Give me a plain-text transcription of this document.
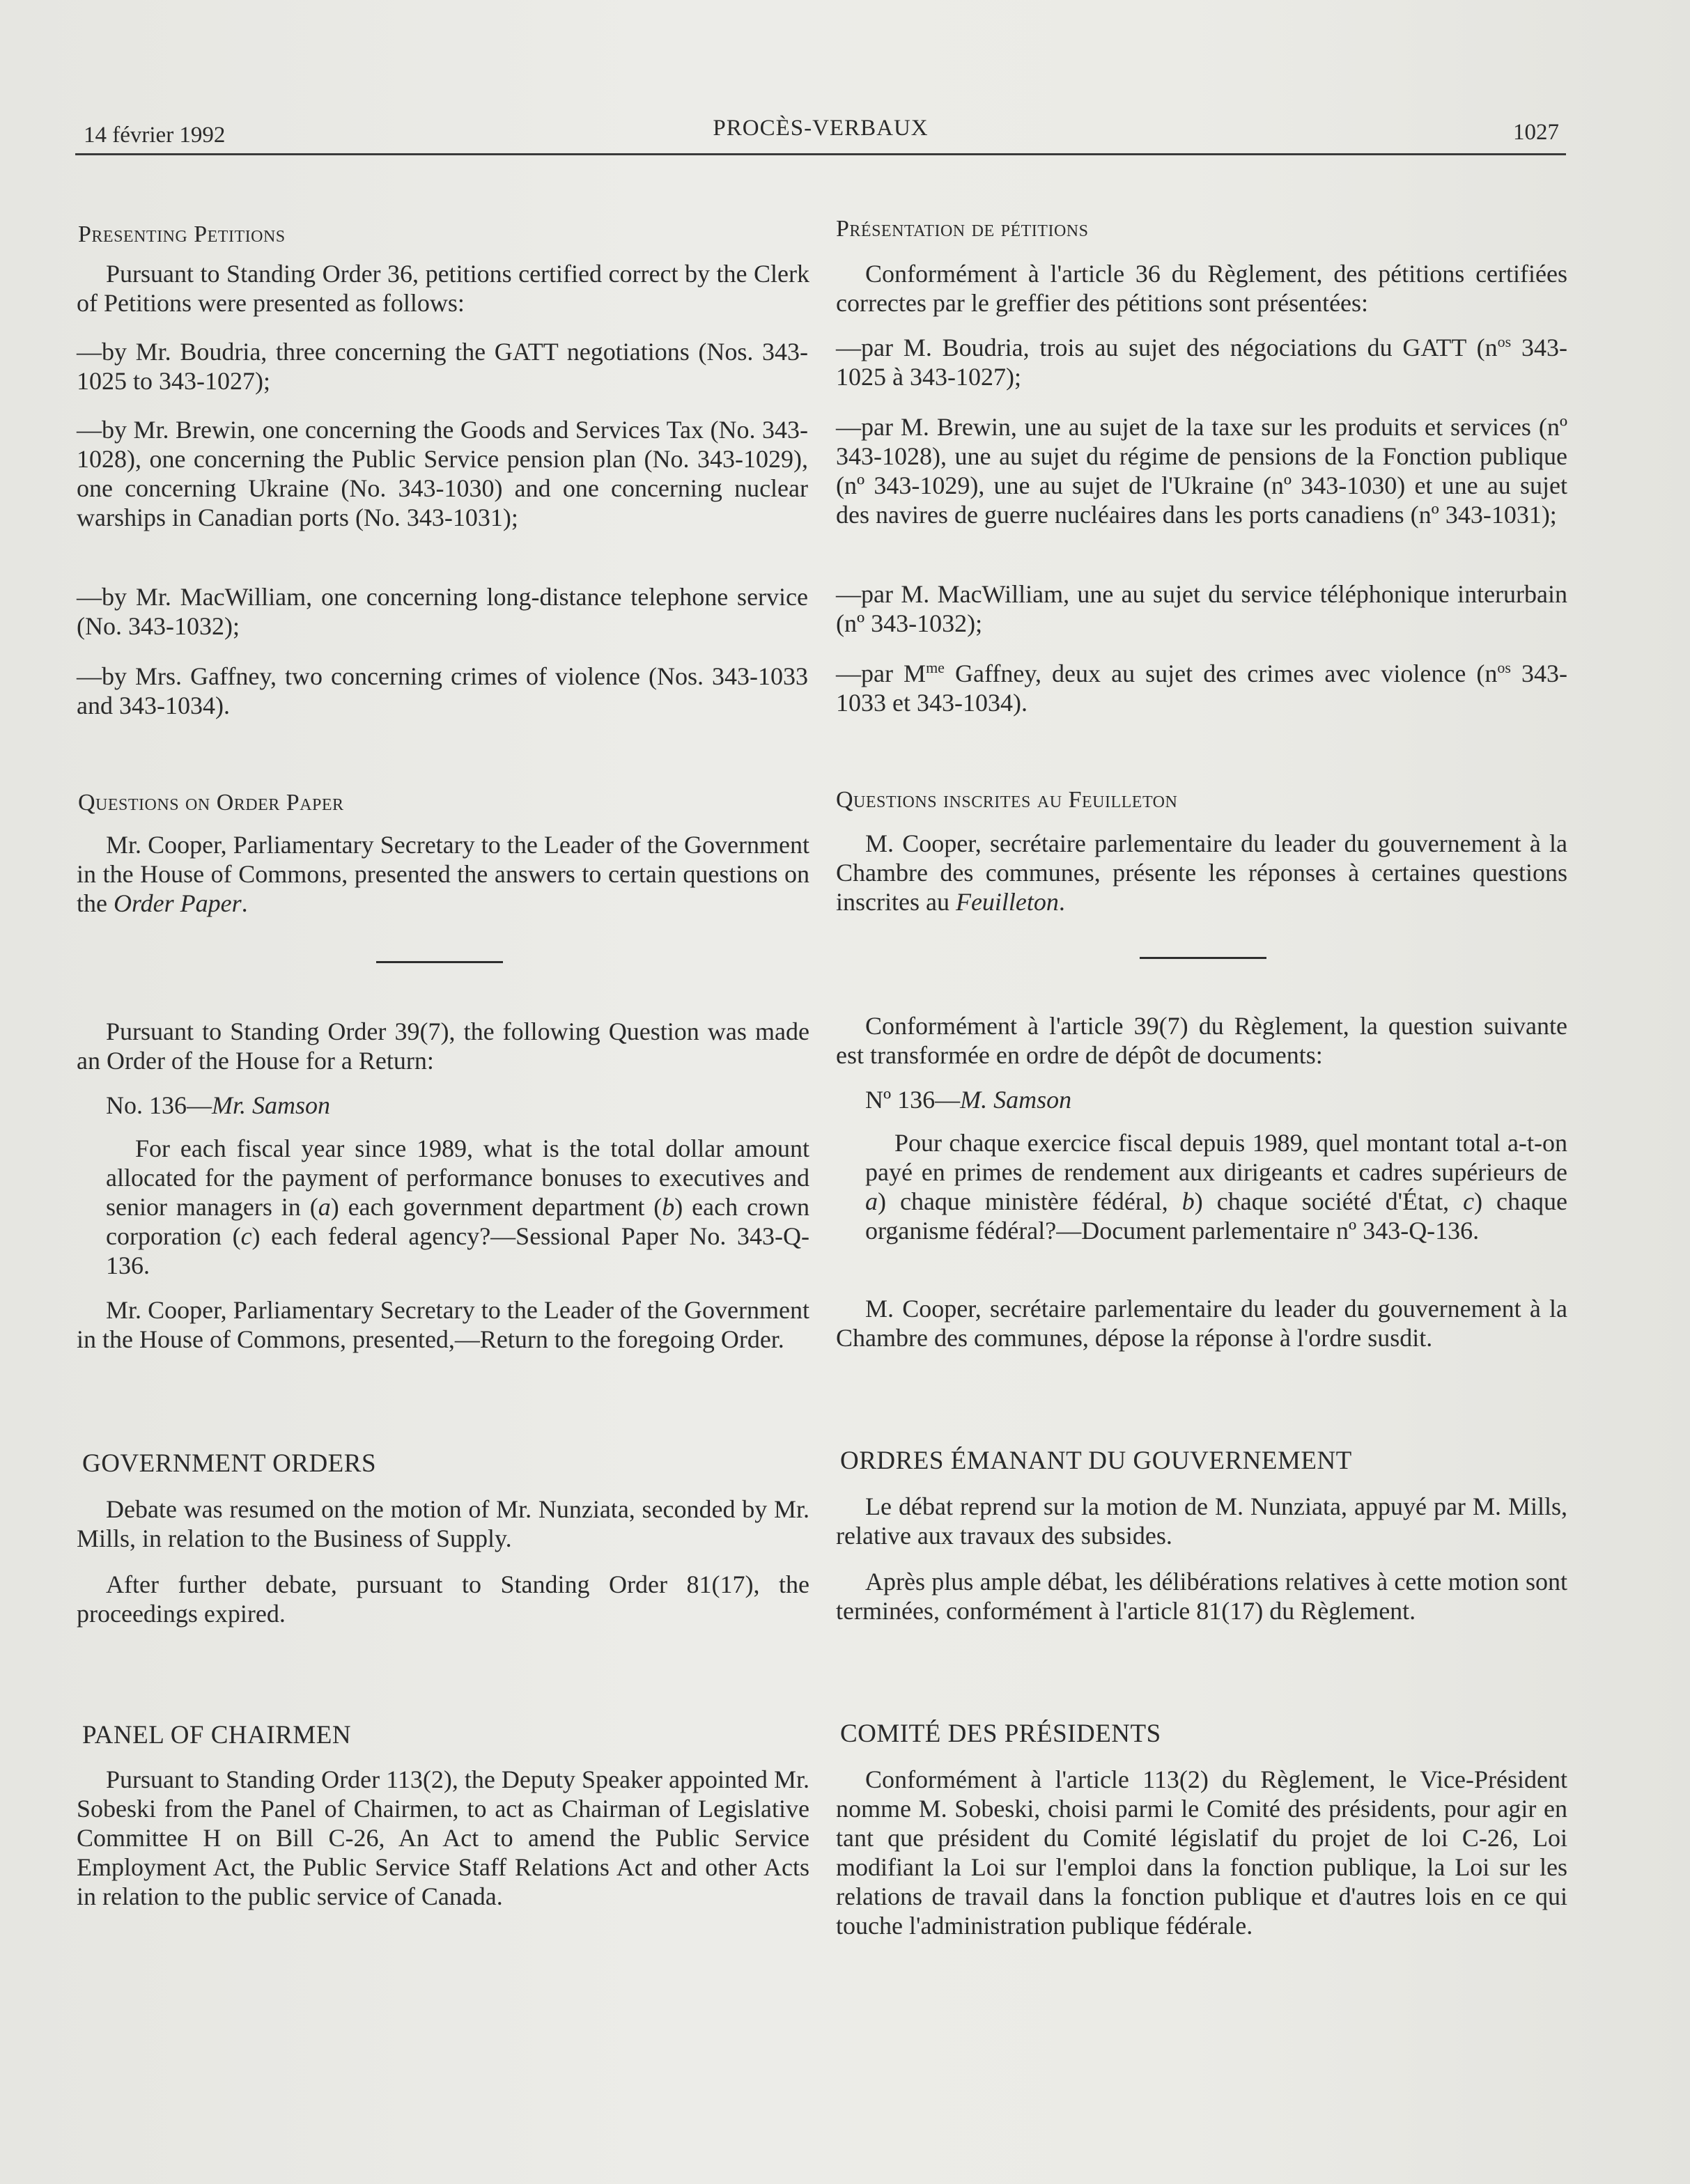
14 février 1992	PROCÈS-VERBAUX	1027
Presenting Petitions
Pursuant to Standing Order 36, petitions certified correct by the Clerk of Petitions were presented as follows:
—by Mr. Boudria, three concerning the GATT negotiations (Nos. 343-1025 to 343-1027);
—by Mr. Brewin, one concerning the Goods and Services Tax (No. 343-1028), one concerning the Public Service pension plan (No. 343-1029), one concerning Ukraine (No. 343-1030) and one concerning nuclear warships in Canadian ports (No. 343-1031);
—by Mr. MacWilliam, one concerning long-distance telephone service (No. 343-1032);
—by Mrs. Gaffney, two concerning crimes of violence (Nos. 343-1033 and 343-1034).
Questions on Order Paper
Mr. Cooper, Parliamentary Secretary to the Leader of the Government in the House of Commons, presented the answers to certain questions on the Order Paper.
Pursuant to Standing Order 39(7), the following Question was made an Order of the House for a Return:
No. 136—Mr. Samson
For each fiscal year since 1989, what is the total dollar amount allocated for the payment of performance bonuses to executives and senior managers in (a) each government department (b) each crown corporation (c) each federal agency?—Sessional Paper No. 343-Q-136.
Mr. Cooper, Parliamentary Secretary to the Leader of the Government in the House of Commons, presented,—Return to the foregoing Order.
GOVERNMENT ORDERS
Debate was resumed on the motion of Mr. Nunziata, seconded by Mr. Mills, in relation to the Business of Supply.
After further debate, pursuant to Standing Order 81(17), the proceedings expired.
PANEL OF CHAIRMEN
Pursuant to Standing Order 113(2), the Deputy Speaker appointed Mr. Sobeski from the Panel of Chairmen, to act as Chairman of Legislative Committee H on Bill C-26, An Act to amend the Public Service Employment Act, the Public Service Staff Relations Act and other Acts in relation to the public service of Canada.
Présentation de pétitions
Conformément à l'article 36 du Règlement, des pétitions certifiées correctes par le greffier des pétitions sont présentées:
—par M. Boudria, trois au sujet des négociations du GATT ($n^{os}$ 343-1025 à 343-1027);
—par M. Brewin, une au sujet de la taxe sur les produits et services (nº 343-1028), une au sujet du régime de pensions de la Fonction publique (nº 343-1029), une au sujet de l'Ukraine (nº 343-1030) et une au sujet des navires de guerre nucléaires dans les ports canadiens (nº 343-1031);
—par M. MacWilliam, une au sujet du service téléphonique interurbain (nº 343-1032);
—par $M^{me}$ Gaffney, deux au sujet des crimes avec violence ($n^{os}$ 343-1033 et 343-1034).
Questions inscrites au Feuilleton
M. Cooper, secrétaire parlementaire du leader du gouvernement à la Chambre des communes, présente les réponses à certaines questions inscrites au Feuilleton.
Conformément à l'article 39(7) du Règlement, la question suivante est transformée en ordre de dépôt de documents:
Nº 136—M. Samson
Pour chaque exercice fiscal depuis 1989, quel montant total a-t-on payé en primes de rendement aux dirigeants et cadres supérieurs de a) chaque ministère fédéral, b) chaque société d'État, c) chaque organisme fédéral?—Document parlementaire nº 343-Q-136.
M. Cooper, secrétaire parlementaire du leader du gouvernement à la Chambre des communes, dépose la réponse à l'ordre susdit.
ORDRES ÉMANANT DU GOUVERNEMENT
Le débat reprend sur la motion de M. Nunziata, appuyé par M. Mills, relative aux travaux des subsides.
Après plus ample débat, les délibérations relatives à cette motion sont terminées, conformément à l'article 81(17) du Règlement.
COMITÉ DES PRÉSIDENTS
Conformément à l'article 113(2) du Règlement, le Vice-Président nomme M. Sobeski, choisi parmi le Comité des présidents, pour agir en tant que président du Comité législatif du projet de loi C-26, Loi modifiant la Loi sur l'emploi dans la fonction publique, la Loi sur les relations de travail dans la fonction publique et d'autres lois en ce qui touche l'administration publique fédérale.
